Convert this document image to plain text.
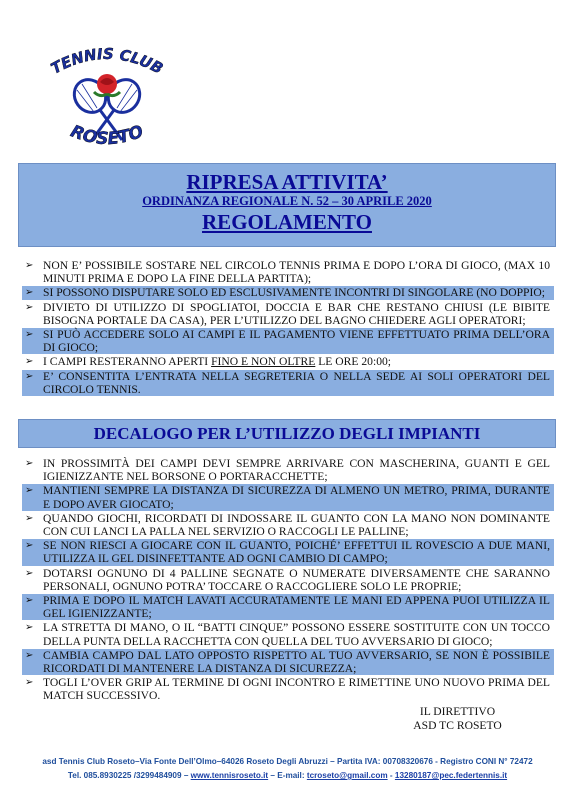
TENNIS CLUB
ROSETO
RIPRESA ATTIVITA’
ORDINANZA REGIONALE N. 52 – 30 APRILE 2020
REGOLAMENTO
➢ NON E’ POSSIBILE SOSTARE NEL CIRCOLO TENNIS PRIMA E DOPO L’ORA DI GIOCO, (MAX 10 MINUTI PRIMA E DOPO LA FINE DELLA PARTITA);
➢ SI POSSONO DISPUTARE SOLO ED ESCLUSIVAMENTE INCONTRI DI SINGOLARE (NO DOPPIO;
➢ DIVIETO DI UTILIZZO DI SPOGLIATOI, DOCCIA E BAR CHE RESTANO CHIUSI (LE BIBITE BISOGNA PORTALE DA CASA), PER L’UTILIZZO DEL BAGNO CHIEDERE AGLI OPERATORI;
➢ SI PUÒ ACCEDERE SOLO AI CAMPI E IL PAGAMENTO VIENE EFFETTUATO PRIMA DELL’ORA DI GIOCO;
➢ I CAMPI RESTERANNO APERTI FINO E NON OLTRE LE ORE 20:00;
➢ E’ CONSENTITA L’ENTRATA NELLA SEGRETERIA O NELLA SEDE AI SOLI OPERATORI DEL CIRCOLO TENNIS.
DECALOGO PER L’UTILIZZO DEGLI IMPIANTI
➢ IN PROSSIMITÀ DEI CAMPI DEVI SEMPRE ARRIVARE CON MASCHERINA, GUANTI E GEL IGIENIZZANTE NEL BORSONE O PORTARACCHETTE;
➢ MANTIENI SEMPRE LA DISTANZA DI SICUREZZA DI ALMENO UN METRO, PRIMA, DURANTE E DOPO AVER GIOCATO;
➢ QUANDO GIOCHI, RICORDATI DI INDOSSARE IL GUANTO CON LA MANO NON DOMINANTE CON CUI LANCI LA PALLA NEL SERVIZIO O RACCOGLI LE PALLINE;
➢ SE NON RIESCI A GIOCARE CON IL GUANTO, POICHÉ’ EFFETTUI IL ROVESCIO A DUE MANI, UTILIZZA IL GEL DISINFETTANTE AD OGNI CAMBIO DI CAMPO;
➢ DOTARSI OGNUNO DI 4 PALLINE SEGNATE O NUMERATE DIVERSAMENTE CHE SARANNO PERSONALI, OGNUNO POTRA’ TOCCARE O RACCOGLIERE SOLO LE PROPRIE;
➢ PRIMA E DOPO IL MATCH LAVATI ACCURATAMENTE LE MANI ED APPENA PUOI UTILIZZA IL GEL IGIENIZZANTE;
➢ LA STRETTA DI MANO, O IL “BATTI CINQUE” POSSONO ESSERE SOSTITUITE CON UN TOCCO DELLA PUNTA DELLA RACCHETTA CON QUELLA DEL TUO AVVERSARIO DI GIOCO;
➢ CAMBIA CAMPO DAL LATO OPPOSTO RISPETTO AL TUO AVVERSARIO, SE NON È POSSIBILE RICORDATI DI MANTENERE LA DISTANZA DI SICUREZZA;
➢ TOGLI L’OVER GRIP AL TERMINE DI OGNI INCONTRO E RIMETTINE UNO NUOVO PRIMA DEL MATCH SUCCESSIVO.
IL DIRETTIVO
ASD TC ROSETO
asd Tennis Club Roseto–Via Fonte Dell’Olmo–64026 Roseto Degli Abruzzi – Partita IVA: 00708320676 - Registro CONI N° 72472
Tel. 085.8930225 /3299484909 – www.tennisroseto.it – E-mail: tcroseto@gmail.com - 13280187@pec.federtennis.it
